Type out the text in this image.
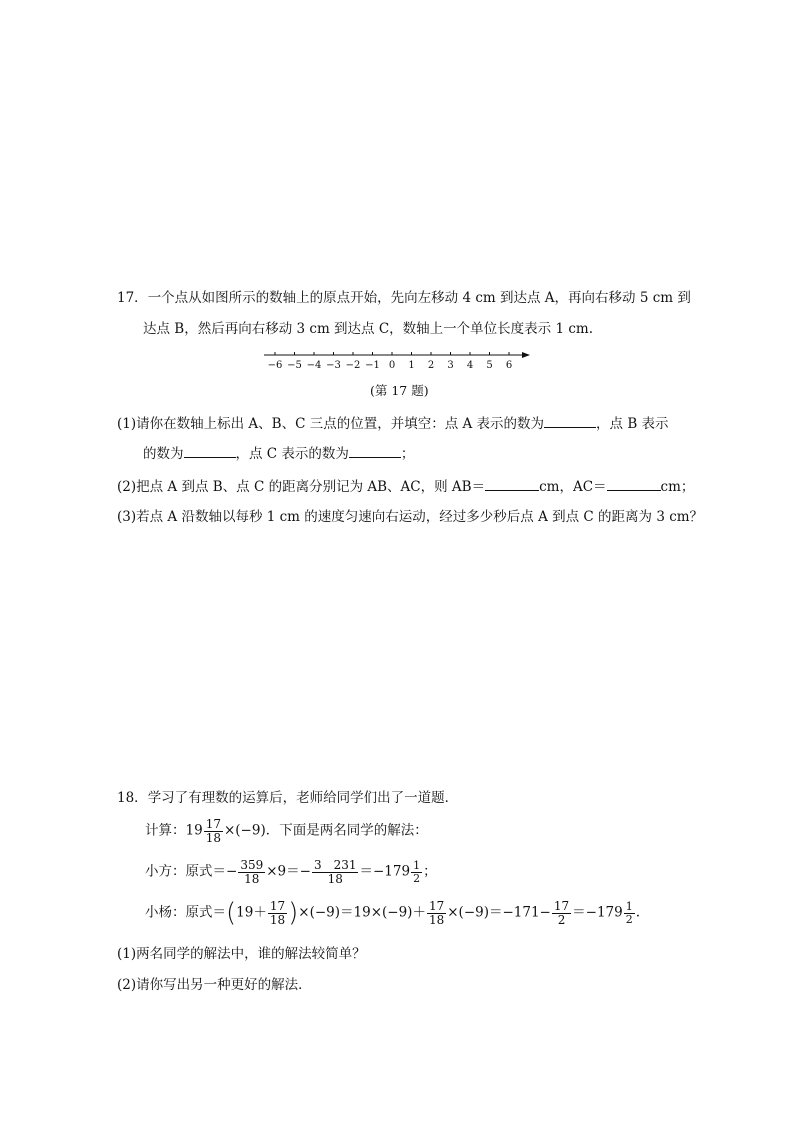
17．一个点从如图所示的数轴上的原点开始，先向左移动 4 cm 到达点 A，再向右移动 5 cm 到
达点 B，然后再向右移动 3 cm 到达点 C，数轴上一个单位长度表示 1 cm.
−6 −5 −4 −3 −2 −1 0 1 2 3 4 5 6
(第 17 题)
(1)请你在数轴上标出 A、B、C 三点的位置，并填空：点 A 表示的数为	，点 B 表示
的数为	，点 C 表示的数为	；
(2)把点 A 到点 B、点 C 的距离分别记为 AB、AC，则 AB＝	cm，AC＝	cm；
(3)若点 A 沿数轴以每秒 1 cm 的速度匀速向右运动，经过多少秒后点 A 到点 C 的距离为 3 cm？
18．学习了有理数的运算后，老师给同学们出了一道题．
计算：$19 \frac{17}{18} \times(-9)$．下面是两名同学的解法：
小方：原式＝− $\frac{359}{18} \times 9=- \frac{3 231}{18} =-179 \frac{1}{2}$ ；
小杨：原式$=(19+ \frac{17}{18} )\times(-9)=19\times(-9)+ \frac{17}{18} \times(-9)=-171- \frac{17}{2} =-179 \frac{1}{2}$ .
(1)两名同学的解法中，谁的解法较简单？
(2)请你写出另一种更好的解法．
